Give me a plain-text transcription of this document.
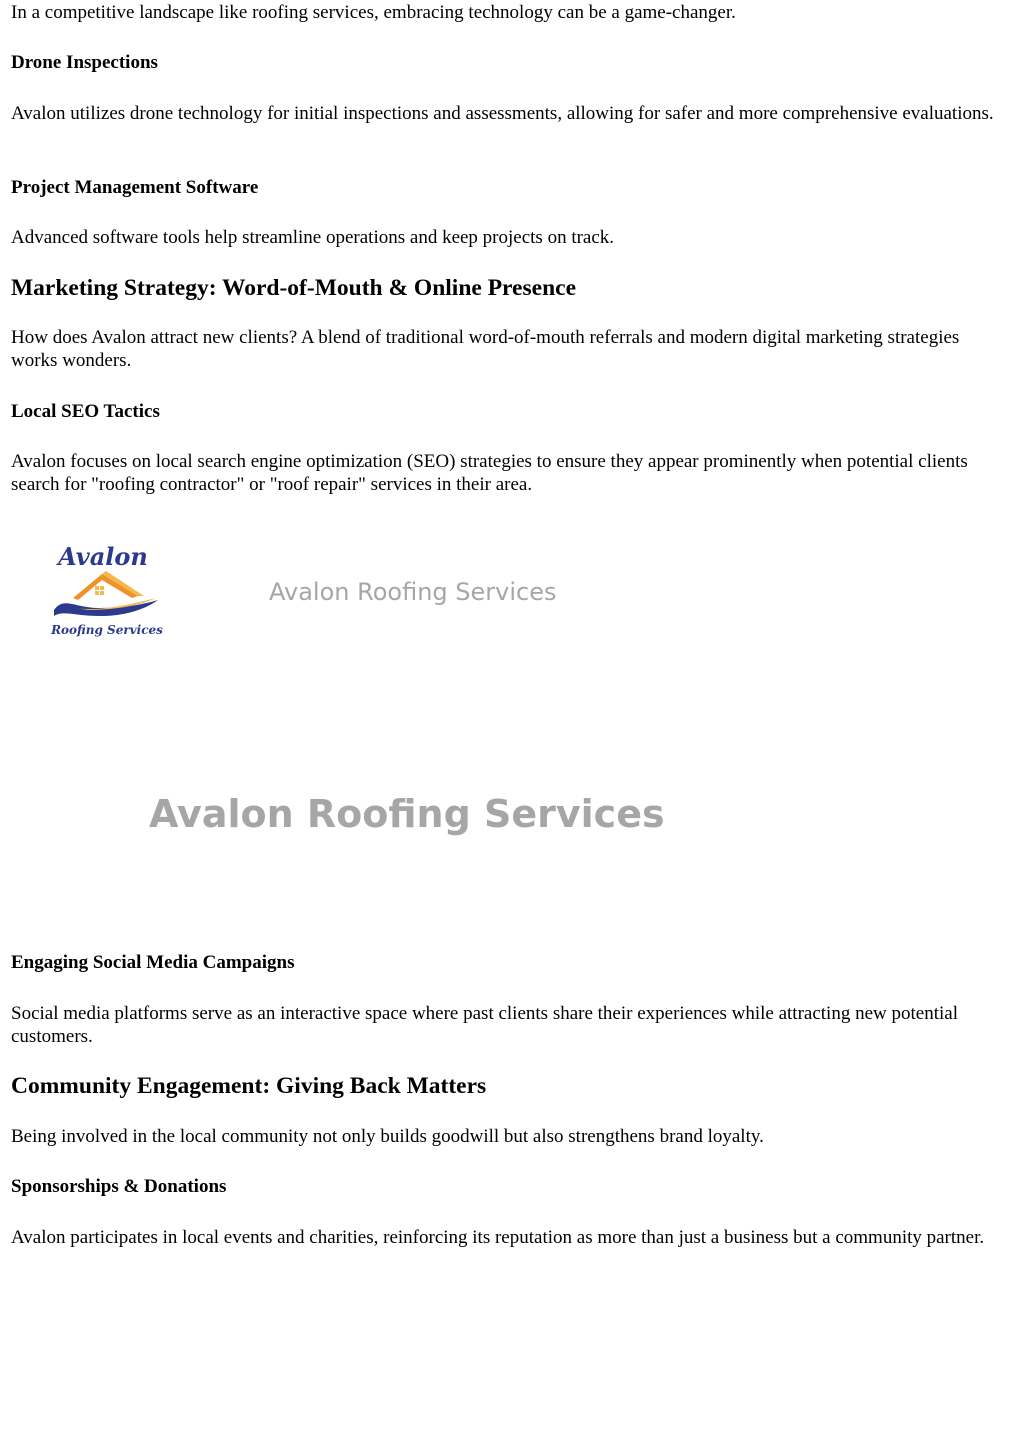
In a competitive landscape like roofing services, embracing technology can be a game-changer.

Drone Inspections

Avalon utilizes drone technology for initial inspections and assessments, allowing for safer and more comprehensive evaluations.

Project Management Software

Advanced software tools help streamline operations and keep projects on track.

Marketing Strategy: Word-of-Mouth & Online Presence

How does Avalon attract new clients? A blend of traditional word-of-mouth referrals and modern digital marketing strategies works wonders.

Local SEO Tactics

Avalon focuses on local search engine optimization (SEO) strategies to ensure they appear prominently when potential clients search for "roofing contractor" or "roof repair" services in their area.

Engaging Social Media Campaigns

Social media platforms serve as an interactive space where past clients share their experiences while attracting new potential customers.

Community Engagement: Giving Back Matters

Being involved in the local community not only builds goodwill but also strengthens brand loyalty.

Sponsorships & Donations

Avalon participates in local events and charities, reinforcing its reputation as more than just a business but a community partner.

Avalon
Roofing Services
Avalon Roofing Services
Avalon Roofing Services
